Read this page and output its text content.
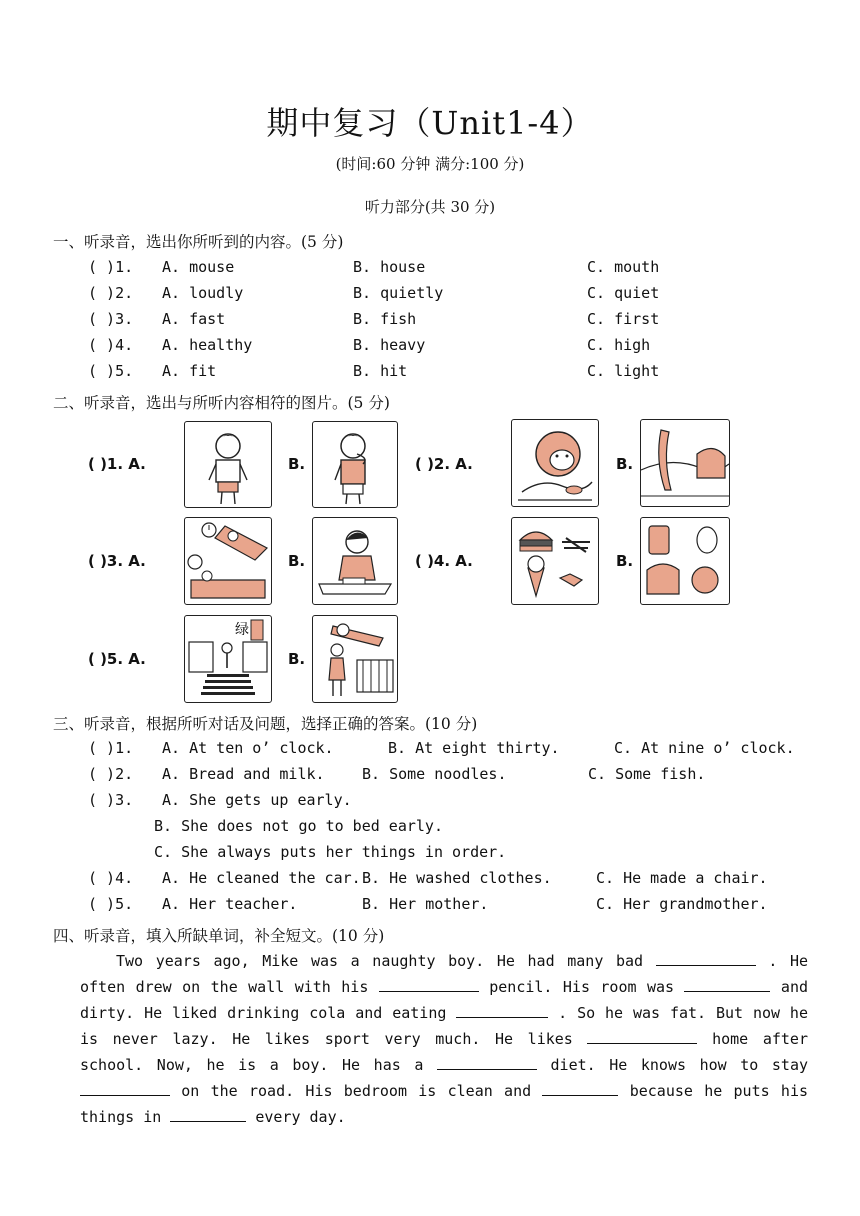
期中复习（Unit1-4）
(时间:60 分钟 满分:100 分)
听力部分(共 30 分)
一、听录音，选出你所听到的内容。(5 分)
( )1. A. mouse	B. house	C. mouth
( )2. A. loudly	B. quietly	C. quiet
( )3. A. fast	B. fish	C. first
( )4. A. healthy	B. heavy	C. high
( )5. A. fit	B. hit	C. light
二、听录音，选出与所听内容相符的图片。(5 分)
( )1. A.	B.	( )2. A.	B.
( )3. A.	B.	( )4. A.	B.
( )5. A.	B.
绿
三、听录音，根据所听对话及问题，选择正确的答案。(10 分)
( )1. A. At ten o’ clock.	B. At eight thirty.	C. At nine o’ clock.
( )2. A. Bread and milk. B. Some noodles.	C. Some fish.
( )3. A. She gets up early.
B. She does not go to bed early.
C. She always puts her things in order.
( )4. A. He cleaned the car. B. He washed clothes.	C. He made a chair.
( )5. A. Her teacher.	B. Her mother.	C. Her grandmother.
四、听录音，填入所缺单词，补全短文。(10 分)
Two years ago, Mike was a naughty boy. He had many bad	. He often drew on the wall with his	pencil. His room was	and dirty. He liked drinking cola and eating	. So he was fat. But now he is never lazy. He likes sport very much. He likes	home after school. Now, he is a boy. He has a	diet. He knows how to stay  on the road. His bedroom is clean and	because he puts his things in	every day.
